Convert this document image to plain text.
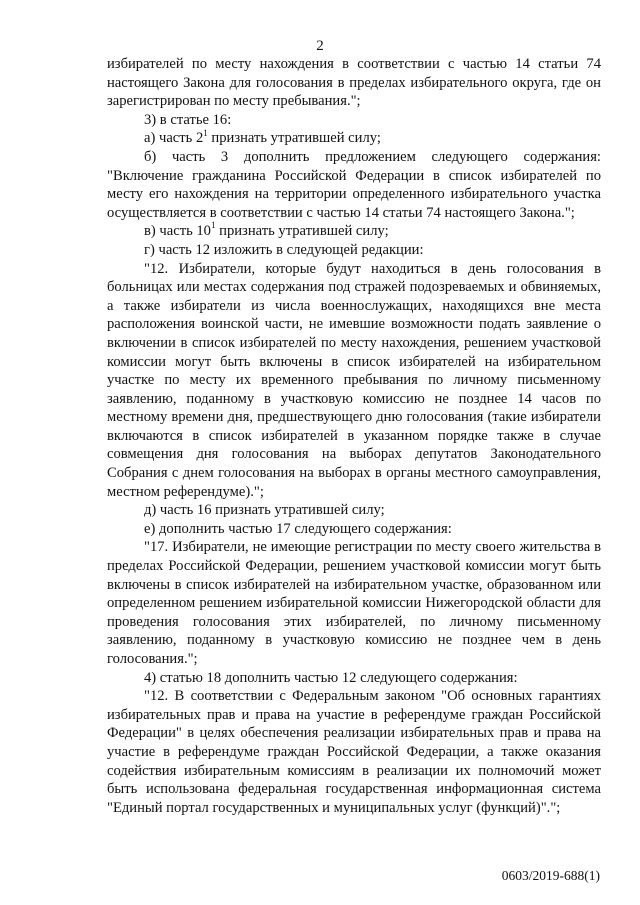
2

избирателей по месту нахождения в соответствии с частью 14 статьи 74 настоящего Закона для голосования в пределах избирательного округа, где он зарегистрирован по месту пребывания.";

3) в статье 16:

а) часть $2^1$ признать утратившей силу;

б) часть 3 дополнить предложением следующего содержания: "Включение гражданина Российской Федерации в список избирателей по месту его нахождения на территории определенного избирательного участка осуществляется в соответствии с частью 14 статьи 74 настоящего Закона.";

в) часть $10^1$ признать утратившей силу;

г) часть 12 изложить в следующей редакции:

"12. Избиратели, которые будут находиться в день голосования в больницах или местах содержания под стражей подозреваемых и обвиняемых, а также избиратели из числа военнослужащих, находящихся вне места расположения воинской части, не имевшие возможности подать заявление о включении в список избирателей по месту нахождения, решением участковой комиссии могут быть включены в список избирателей на избирательном участке по месту их временного пребывания по личному письменному заявлению, поданному в участковую комиссию не позднее 14 часов по местному времени дня, предшествующего дню голосования (такие избиратели включаются в список избирателей в указанном порядке также в случае совмещения дня голосования на выборах депутатов Законодательного Собрания с днем голосования на выборах в органы местного самоуправления, местном референдуме).";

д) часть 16 признать утратившей силу;

е) дополнить частью 17 следующего содержания:

"17. Избиратели, не имеющие регистрации по месту своего жительства в пределах Российской Федерации, решением участковой комиссии могут быть включены в список избирателей на избирательном участке, образованном или определенном решением избирательной комиссии Нижегородской области для проведения голосования этих избирателей, по личному письменному заявлению, поданному в участковую комиссию не позднее чем в день голосования.";

4) статью 18 дополнить частью 12 следующего содержания:

"12. В соответствии с Федеральным законом "Об основных гарантиях избирательных прав и права на участие в референдуме граждан Российской Федерации" в целях обеспечения реализации избирательных прав и права на участие в референдуме граждан Российской Федерации, а также оказания содействия избирательным комиссиям в реализации их полномочий может быть использована федеральная государственная информационная система "Единый портал государственных и муниципальных услуг (функций)".";

0603/2019-688(1)
